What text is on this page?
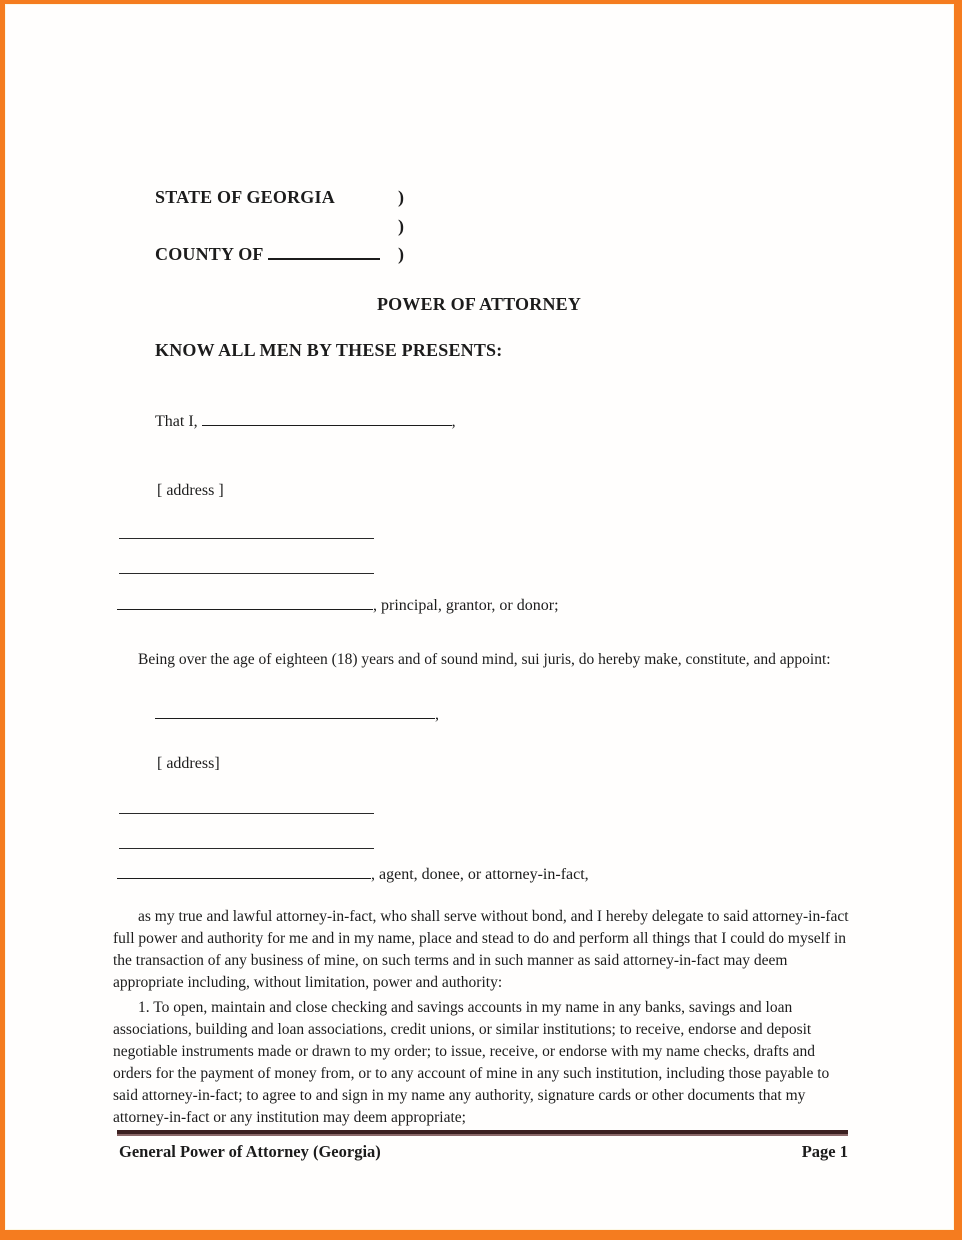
STATE OF GEORGIA	)
)
COUNTY OF	)
POWER OF ATTORNEY
KNOW ALL MEN BY THESE PRESENTS:
That I,	,
[ address ]
, principal, grantor, or donor;
Being over the age of eighteen (18) years and of sound mind, sui juris, do hereby make, constitute, and appoint:
,
[ address]
, agent, donee, or attorney-in-fact,
as my true and lawful attorney-in-fact, who shall serve without bond, and I hereby delegate to said attorney-in-fact full power and authority for me and in my name, place and stead to do and perform all things that I could do myself in the transaction of any business of mine, on such terms and in such manner as said attorney-in-fact may deem appropriate including, without limitation, power and authority:
1. To open, maintain and close checking and savings accounts in my name in any banks, savings and loan associations, building and loan associations, credit unions, or similar institutions; to receive, endorse and deposit negotiable instruments made or drawn to my order; to issue, receive, or endorse with my name checks, drafts and orders for the payment of money from, or to any account of mine in any such institution, including those payable to said attorney-in-fact; to agree to and sign in my name any authority, signature cards or other documents that my attorney-in-fact or any institution may deem appropriate;
General Power of Attorney (Georgia)	Page 1
